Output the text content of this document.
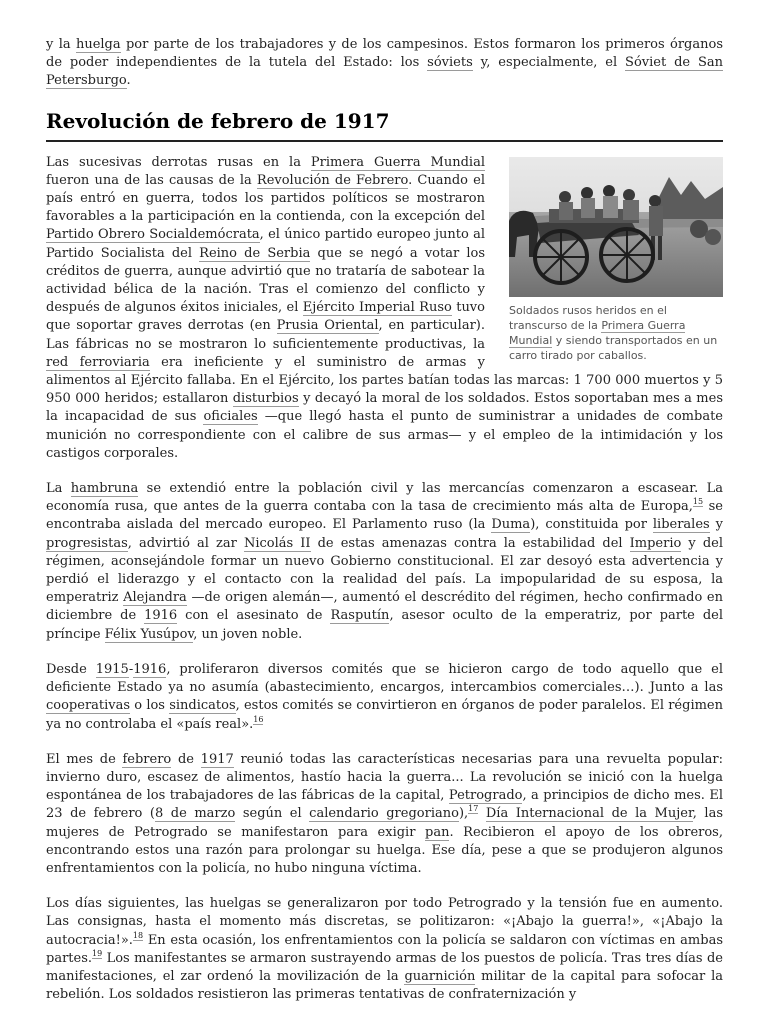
y la huelga por parte de los trabajadores y de los campesinos. Estos formaron los primeros órganos de poder independientes de la tutela del Estado: los sóviets y, especialmente, el Sóviet de San Petersburgo.

Revolución de febrero de 1917
Soldados rusos heridos en el transcurso de la Primera Guerra Mundial y siendo transportados en un carro tirado por caballos.

Las sucesivas derrotas rusas en la Primera Guerra Mundial fueron una de las causas de la Revolución de Febrero. Cuando el país entró en guerra, todos los partidos políticos se mostraron favorables a la participación en la contienda, con la excepción del Partido Obrero Socialdemócrata, el único partido europeo junto al Partido Socialista del Reino de Serbia que se negó a votar los créditos de guerra, aunque advirtió que no trataría de sabotear la actividad bélica de la nación. Tras el comienzo del conflicto y después de algunos éxitos iniciales, el Ejército Imperial Ruso tuvo que soportar graves derrotas (en Prusia Oriental, en particular). Las fábricas no se mostraron lo suficientemente productivas, la red ferroviaria era ineficiente y el suministro de armas y alimentos al Ejército fallaba. En el Ejército, los partes batían todas las marcas: 1 700 000 muertos y 5 950 000 heridos; estallaron disturbios y decayó la moral de los soldados. Estos soportaban mes a mes la incapacidad de sus oficiales —que llegó hasta el punto de suministrar a unidades de combate munición no correspondiente con el calibre de sus armas— y el empleo de la intimidación y los castigos corporales.

La hambruna se extendió entre la población civil y las mercancías comenzaron a escasear. La economía rusa, que antes de la guerra contaba con la tasa de crecimiento más alta de Europa,$^{15}$ se encontraba aislada del mercado europeo. El Parlamento ruso (la Duma), constituida por liberales y progresistas, advirtió al zar Nicolás II de estas amenazas contra la estabilidad del Imperio y del régimen, aconsejándole formar un nuevo Gobierno constitucional. El zar desoyó esta advertencia y perdió el liderazgo y el contacto con la realidad del país. La impopularidad de su esposa, la emperatriz Alejandra —de origen alemán—, aumentó el descrédito del régimen, hecho confirmado en diciembre de 1916 con el asesinato de Rasputín, asesor oculto de la emperatriz, por parte del príncipe Félix Yusúpov, un joven noble.

Desde 1915-1916, proliferaron diversos comités que se hicieron cargo de todo aquello que el deficiente Estado ya no asumía (abastecimiento, encargos, intercambios comerciales…). Junto a las cooperativas o los sindicatos, estos comités se convirtieron en órganos de poder paralelos. El régimen ya no controlaba el «país real».$^{16}$

El mes de febrero de 1917 reunió todas las características necesarias para una revuelta popular: invierno duro, escasez de alimentos, hastío hacia la guerra... La revolución se inició con la huelga espontánea de los trabajadores de las fábricas de la capital, Petrogrado, a principios de dicho mes. El 23 de febrero (8 de marzo según el calendario gregoriano),$^{17}$ Día Internacional de la Mujer, las mujeres de Petrogrado se manifestaron para exigir pan. Recibieron el apoyo de los obreros, encontrando estos una razón para prolongar su huelga. Ese día, pese a que se produjeron algunos enfrentamientos con la policía, no hubo ninguna víctima.

Los días siguientes, las huelgas se generalizaron por todo Petrogrado y la tensión fue en aumento. Las consignas, hasta el momento más discretas, se politizaron: «¡Abajo la guerra!», «¡Abajo la autocracia!».$^{18}$ En esta ocasión, los enfrentamientos con la policía se saldaron con víctimas en ambas partes.$^{19}$ Los manifestantes se armaron sustrayendo armas de los puestos de policía. Tras tres días de manifestaciones, el zar ordenó la movilización de la guarnición militar de la capital para sofocar la rebelión. Los soldados resistieron las primeras tentativas de confraternización y
